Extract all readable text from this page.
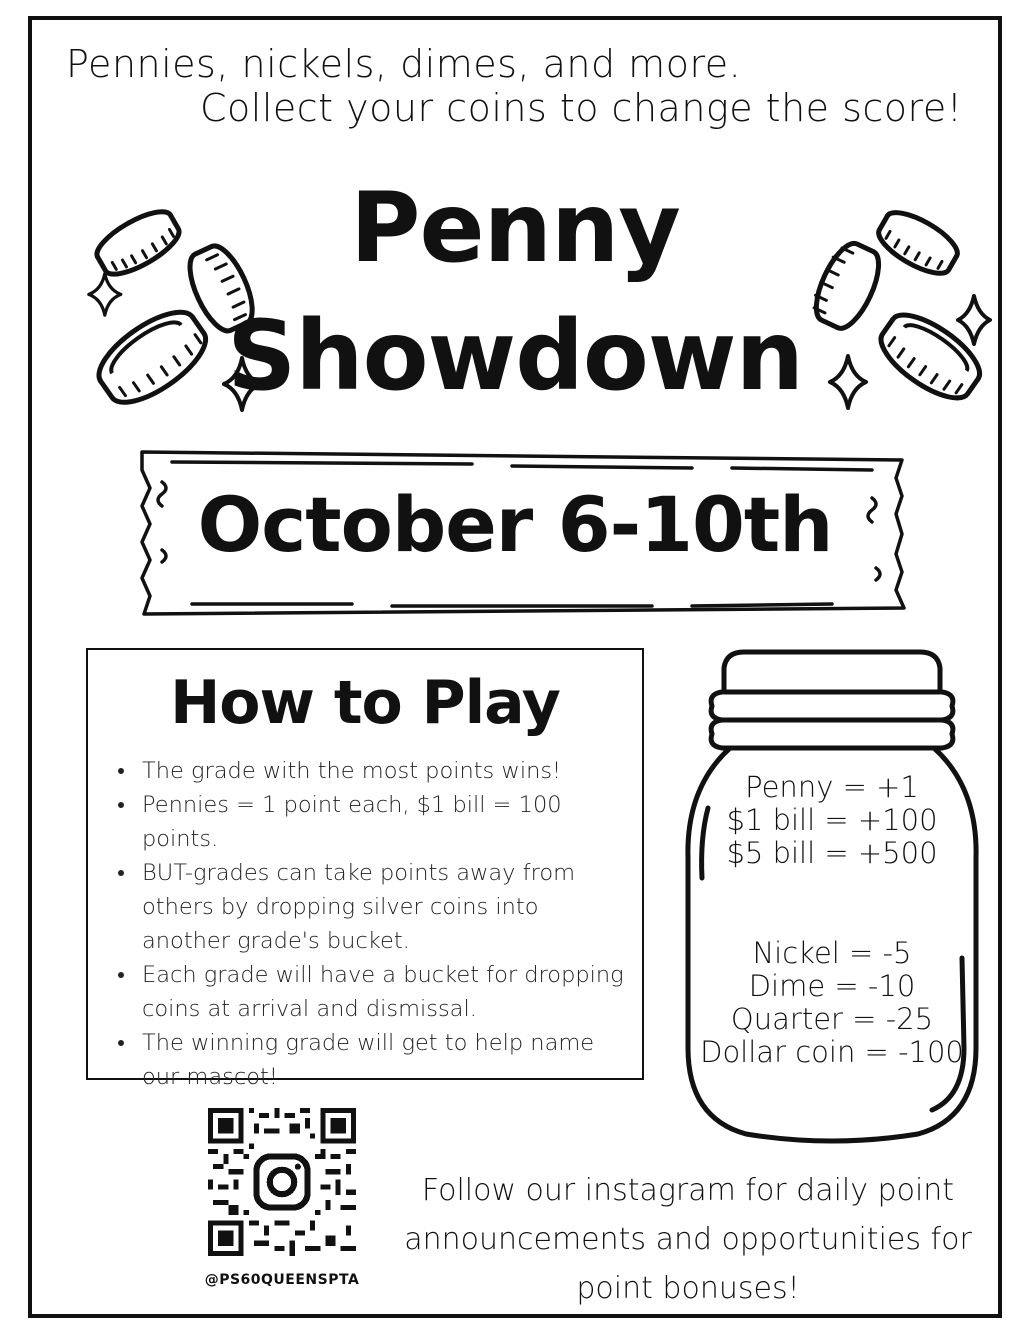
Pennies, nickels, dimes, and more.
Collect your coins to change the score!
Penny
Showdown
October 6-10th
How to Play
The grade with the most points wins!
Pennies = 1 point each, $1 bill = 100 points.
BUT-grades can take points away from others by dropping silver coins into another grade's bucket.
Each grade will have a bucket for dropping coins at arrival and dismissal.
The winning grade will get to help name our mascot!
Penny = +1
$1 bill = +100
$5 bill = +500
Nickel = -5
Dime = -10
Quarter = -25
Dollar coin = -100
@PS60QUEENSPTA
Follow our instagram for daily point announcements and opportunities for point bonuses!
